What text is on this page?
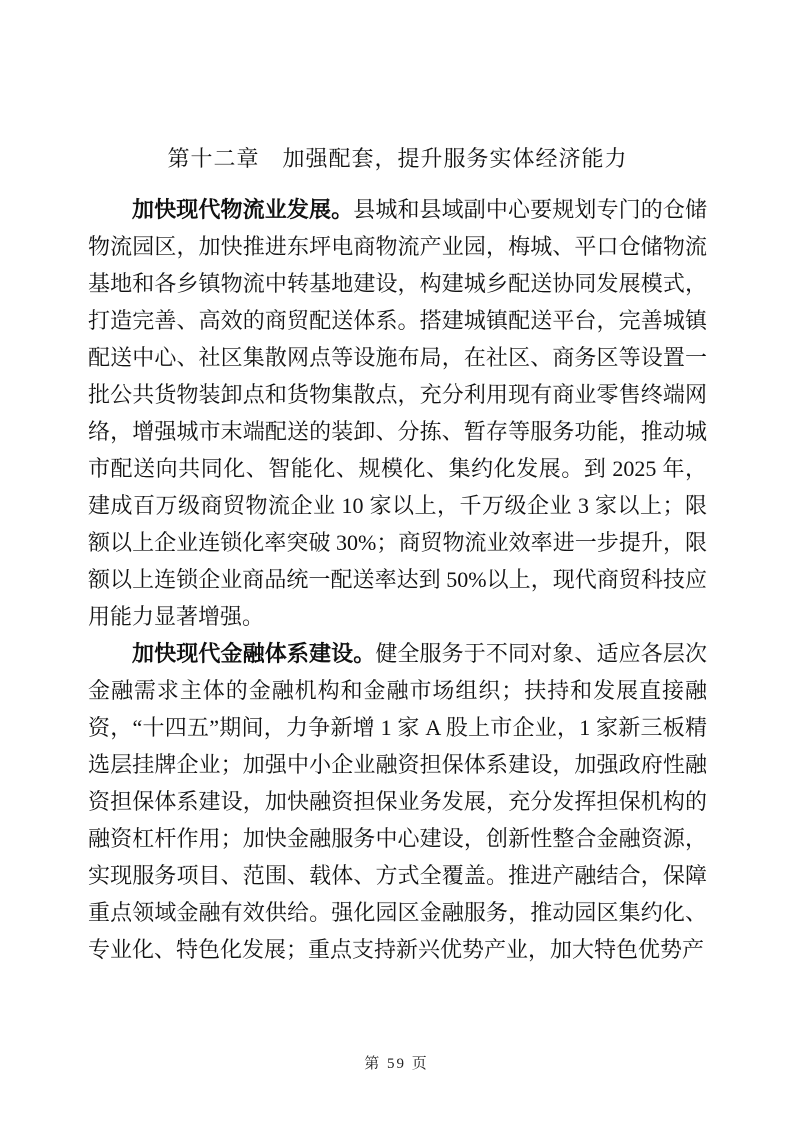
第十二章　加强配套，提升服务实体经济能力

加快现代物流业发展。县城和县域副中心要规划专门的仓储物流园区，加快推进东坪电商物流产业园，梅城、平口仓储物流基地和各乡镇物流中转基地建设，构建城乡配送协同发展模式，打造完善、高效的商贸配送体系。搭建城镇配送平台，完善城镇配送中心、社区集散网点等设施布局，在社区、商务区等设置一批公共货物装卸点和货物集散点，充分利用现有商业零售终端网络，增强城市末端配送的装卸、分拣、暂存等服务功能，推动城市配送向共同化、智能化、规模化、集约化发展。到 2025 年，建成百万级商贸物流企业 10 家以上，千万级企业 3 家以上；限额以上企业连锁化率突破 30%；商贸物流业效率进一步提升，限额以上连锁企业商品统一配送率达到 50%以上，现代商贸科技应用能力显著增强。

加快现代金融体系建设。健全服务于不同对象、适应各层次金融需求主体的金融机构和金融市场组织；扶持和发展直接融资，“十四五”期间，力争新增 1 家 A 股上市企业，1 家新三板精选层挂牌企业；加强中小企业融资担保体系建设，加强政府性融资担保体系建设，加快融资担保业务发展，充分发挥担保机构的融资杠杆作用；加快金融服务中心建设，创新性整合金融资源，实现服务项目、范围、载体、方式全覆盖。推进产融结合，保障重点领域金融有效供给。强化园区金融服务，推动园区集约化、专业化、特色化发展；重点支持新兴优势产业，加大特色优势产

第 59 页
